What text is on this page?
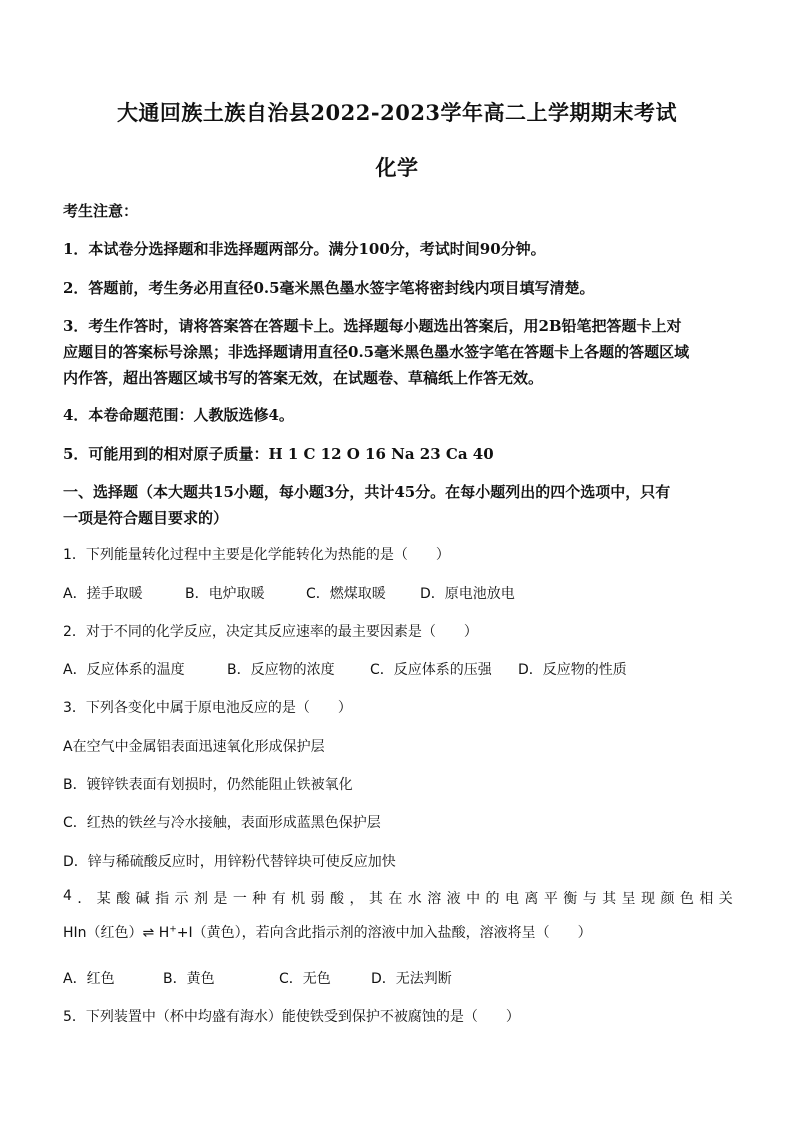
大通回族土族自治县2022-2023学年高二上学期期末考试
化学
考生注意：
1．本试卷分选择题和非选择题两部分。满分100分，考试时间90分钟。
2．答题前，考生务必用直径0.5毫米黑色墨水签字笔将密封线内项目填写清楚。
3．考生作答时，请将答案答在答题卡上。选择题每小题选出答案后，用2B铅笔把答题卡上对
应题目的答案标号涂黑；非选择题请用直径0.5毫米黑色墨水签字笔在答题卡上各题的答题区域
内作答，超出答题区域书写的答案无效，在试题卷、草稿纸上作答无效。
4．本卷命题范围：人教版选修4。
5．可能用到的相对原子质量：H 1 C 12 O 16 Na 23 Ca 40
一、选择题（本大题共15小题，每小题3分，共计45分。在每小题列出的四个选项中，只有
一项是符合题目要求的）
1．下列能量转化过程中主要是化学能转化为热能的是（　　）
A．搓手取暖	B．电炉取暖	C．燃煤取暖 D．原电池放电
2．对于不同的化学反应，决定其反应速率的最主要因素是（　　）
A．反应体系的温度	B．反应物的浓度	C．反应体系的压强 D．反应物的性质
3．下列各变化中属于原电池反应的是（　　）
A在空气中金属铝表面迅速氧化形成保护层
B．镀锌铁表面有划损时，仍然能阻止铁被氧化
C．红热的铁丝与冷水接触，表面形成蓝黑色保护层
D．锌与稀硫酸反应时，用锌粉代替锌块可使反应加快
4 ． 某 酸 碱 指 示 剂 是 一 种 有 机 弱 酸 ， 其 在 水 溶 液 中 的 电 离 平 衡 与 其 呈 现 颜 色 相 关
HIn（红色）⇌ H++I（黄色），若向含此指示剂的溶液中加入盐酸，溶液将呈（　　）
A．红色	B．黄色	C．无色	D．无法判断
5．下列装置中（杯中均盛有海水）能使铁受到保护不被腐蚀的是（　　）
